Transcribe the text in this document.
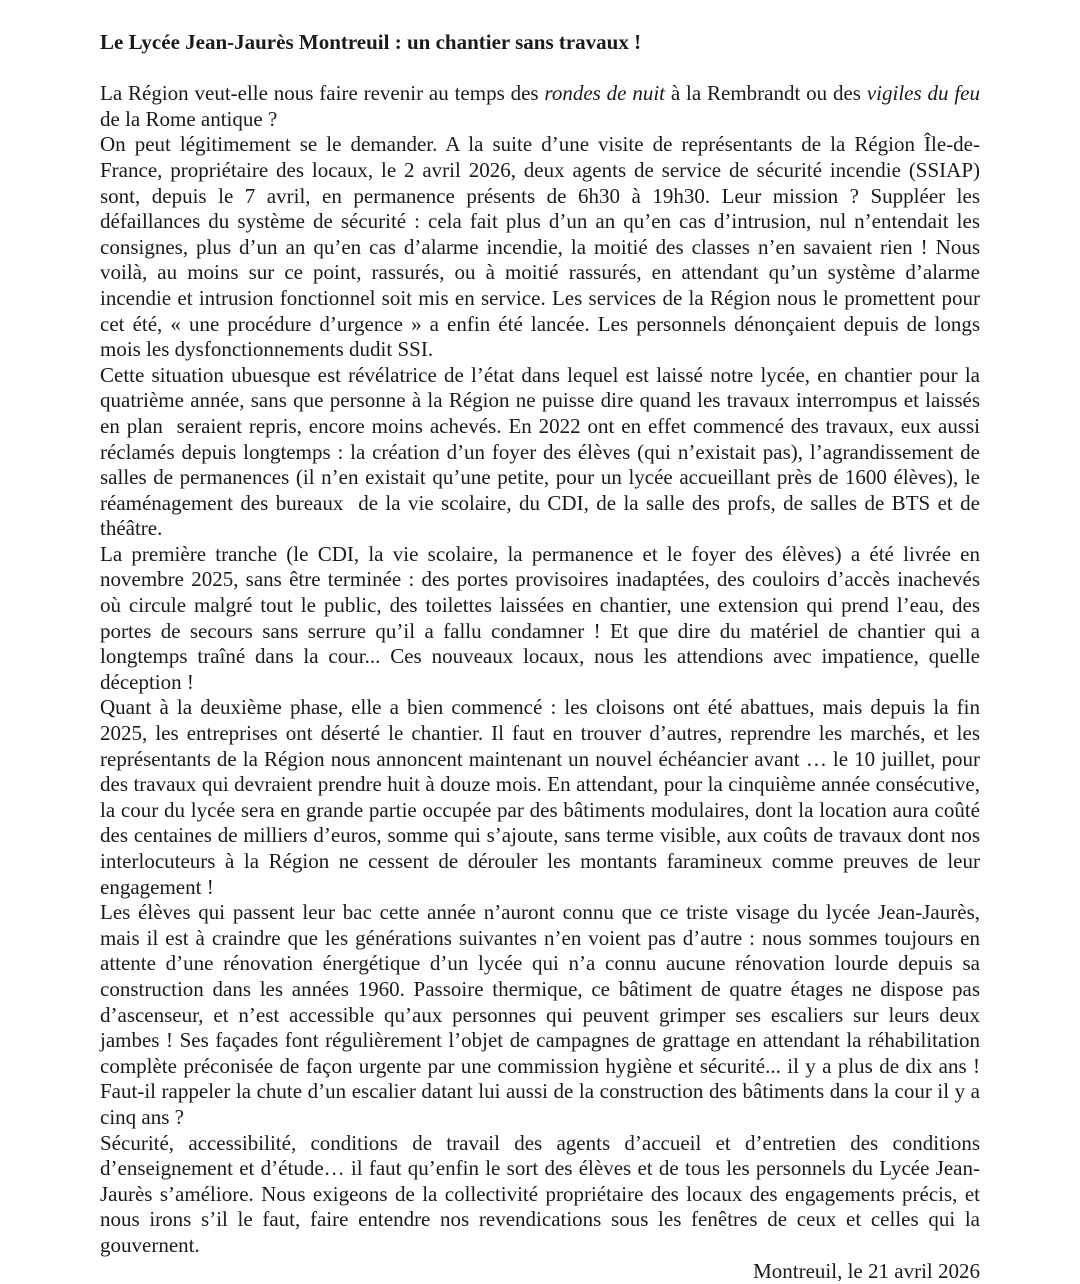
Le Lycée Jean-Jaurès Montreuil : un chantier sans travaux !

La Région veut-elle nous faire revenir au temps des rondes de nuit à la Rembrandt ou des vigiles du feu de la Rome antique ?

On peut légitimement se le demander. A la suite d’une visite de représentants de la Région Île-de-France, propriétaire des locaux, le 2 avril 2026, deux agents de service de sécurité incendie (SSIAP) sont, depuis le 7 avril, en permanence présents de 6h30 à 19h30. Leur mission ? Suppléer les défaillances du système de sécurité : cela fait plus d’un an qu’en cas d’intrusion, nul n’entendait les consignes, plus d’un an qu’en cas d’alarme incendie, la moitié des classes n’en savaient rien ! Nous voilà, au moins sur ce point, rassurés, ou à moitié rassurés, en attendant qu’un système d’alarme incendie et intrusion fonctionnel soit mis en service. Les services de la Région nous le promettent pour cet été, « une procédure d’urgence » a enfin été lancée. Les personnels dénonçaient depuis de longs mois les dysfonctionnements dudit SSI.

Cette situation ubuesque est révélatrice de l’état dans lequel est laissé notre lycée, en chantier pour la quatrième année, sans que personne à la Région ne puisse dire quand les travaux interrompus et laissés en plan  seraient repris, encore moins achevés. En 2022 ont en effet commencé des travaux, eux aussi réclamés depuis longtemps : la création d’un foyer des élèves (qui n’existait pas), l’agrandissement de salles de permanences (il n’en existait qu’une petite, pour un lycée accueillant près de 1600 élèves), le réaménagement des bureaux  de la vie scolaire, du CDI, de la salle des profs, de salles de BTS et de théâtre.

La première tranche (le CDI, la vie scolaire, la permanence et le foyer des élèves) a été livrée en novembre 2025, sans être terminée : des portes provisoires inadaptées, des couloirs d’accès inachevés où circule malgré tout le public, des toilettes laissées en chantier, une extension qui prend l’eau, des portes de secours sans serrure qu’il a fallu condamner ! Et que dire du matériel de chantier qui a longtemps traîné dans la cour... Ces nouveaux locaux, nous les attendions avec impatience, quelle déception !

Quant à la deuxième phase, elle a bien commencé : les cloisons ont été abattues, mais depuis la fin 2025, les entreprises ont déserté le chantier. Il faut en trouver d’autres, reprendre les marchés, et les représentants de la Région nous annoncent maintenant un nouvel échéancier avant … le 10 juillet, pour des travaux qui devraient prendre huit à douze mois. En attendant, pour la cinquième année consécutive, la cour du lycée sera en grande partie occupée par des bâtiments modulaires, dont la location aura coûté des centaines de milliers d’euros, somme qui s’ajoute, sans terme visible, aux coûts de travaux dont nos interlocuteurs à la Région ne cessent de dérouler les montants faramineux comme preuves de leur engagement !

Les élèves qui passent leur bac cette année n’auront connu que ce triste visage du lycée Jean-Jaurès, mais il est à craindre que les générations suivantes n’en voient pas d’autre : nous sommes toujours en attente d’une rénovation énergétique d’un lycée qui n’a connu aucune rénovation lourde depuis sa construction dans les années 1960. Passoire thermique, ce bâtiment de quatre étages ne dispose pas d’ascenseur, et n’est accessible qu’aux personnes qui peuvent grimper ses escaliers sur leurs deux jambes ! Ses façades font régulièrement l’objet de campagnes de grattage en attendant la réhabilitation complète préconisée de façon urgente par une commission hygiène et sécurité... il y a plus de dix ans ! Faut-il rappeler la chute d’un escalier datant lui aussi de la construction des bâtiments dans la cour il y a cinq ans ?

Sécurité, accessibilité, conditions de travail des agents d’accueil et d’entretien des conditions d’enseignement et d’étude… il faut qu’enfin le sort des élèves et de tous les personnels du Lycée Jean-Jaurès s’améliore. Nous exigeons de la collectivité propriétaire des locaux des engagements précis, et nous irons s’il le faut, faire entendre nos revendications sous les fenêtres de ceux et celles qui la gouvernent.

Montreuil, le 21 avril 2026
